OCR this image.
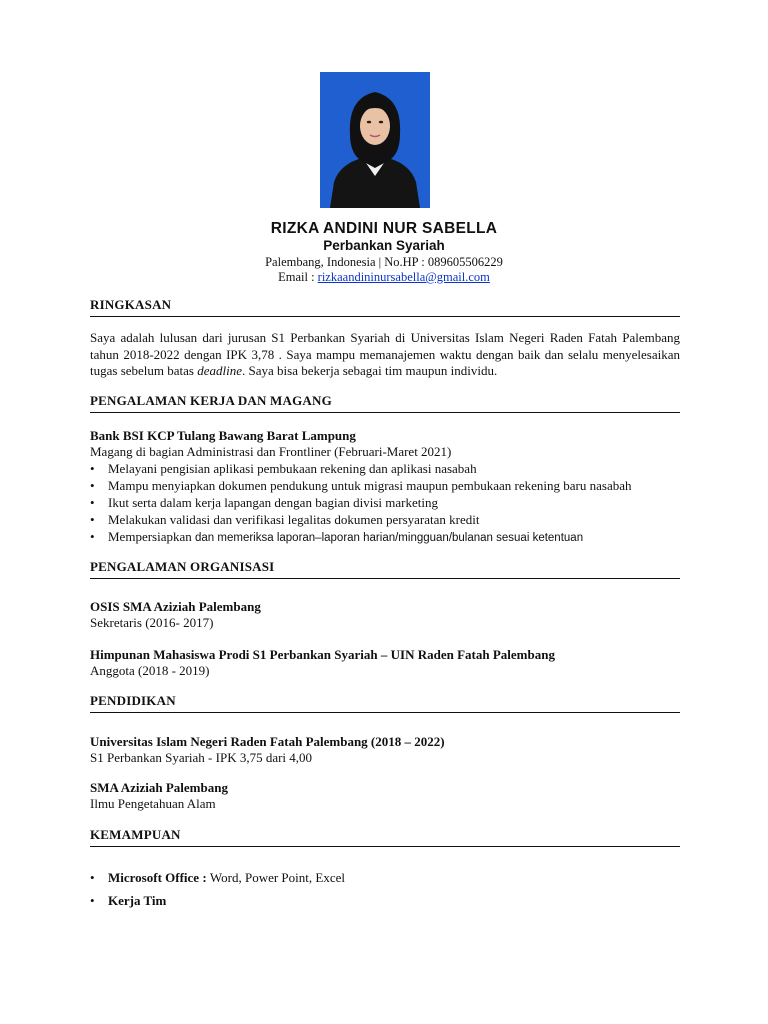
RIZKA ANDINI NUR SABELLA
Perbankan Syariah
Palembang, Indonesia | No.HP : 089605506229
Email : rizkaandininursabella@gmail.com
RINGKASAN
Saya adalah lulusan dari jurusan S1 Perbankan Syariah di Universitas Islam Negeri Raden Fatah Palembang tahun 2018-2022 dengan IPK 3,78 . Saya mampu memanajemen waktu dengan baik dan selalu menyelesaikan tugas sebelum batas deadline. Saya bisa bekerja sebagai tim maupun individu.
PENGALAMAN KERJA DAN MAGANG
Bank BSI KCP Tulang Bawang Barat Lampung
Magang di bagian Administrasi dan Frontliner (Februari-Maret 2021)
• Melayani pengisian aplikasi pembukaan rekening dan aplikasi nasabah
• Mampu menyiapkan dokumen pendukung untuk migrasi maupun pembukaan rekening baru nasabah
• Ikut serta dalam kerja lapangan dengan bagian divisi marketing
• Melakukan validasi dan verifikasi legalitas dokumen persyaratan kredit
• Mempersiapkan dan memeriksa laporan–laporan harian/mingguan/bulanan sesuai ketentuan
PENGALAMAN ORGANISASI
OSIS SMA Aziziah Palembang
Sekretaris (2016- 2017)
Himpunan Mahasiswa Prodi S1 Perbankan Syariah – UIN Raden Fatah Palembang
Anggota (2018 - 2019)
PENDIDIKAN
Universitas Islam Negeri Raden Fatah Palembang (2018 – 2022)
S1 Perbankan Syariah - IPK 3,75 dari 4,00
SMA Aziziah Palembang
Ilmu Pengetahuan Alam
KEMAMPUAN
• Microsoft Office : Word, Power Point, Excel
• Kerja Tim
